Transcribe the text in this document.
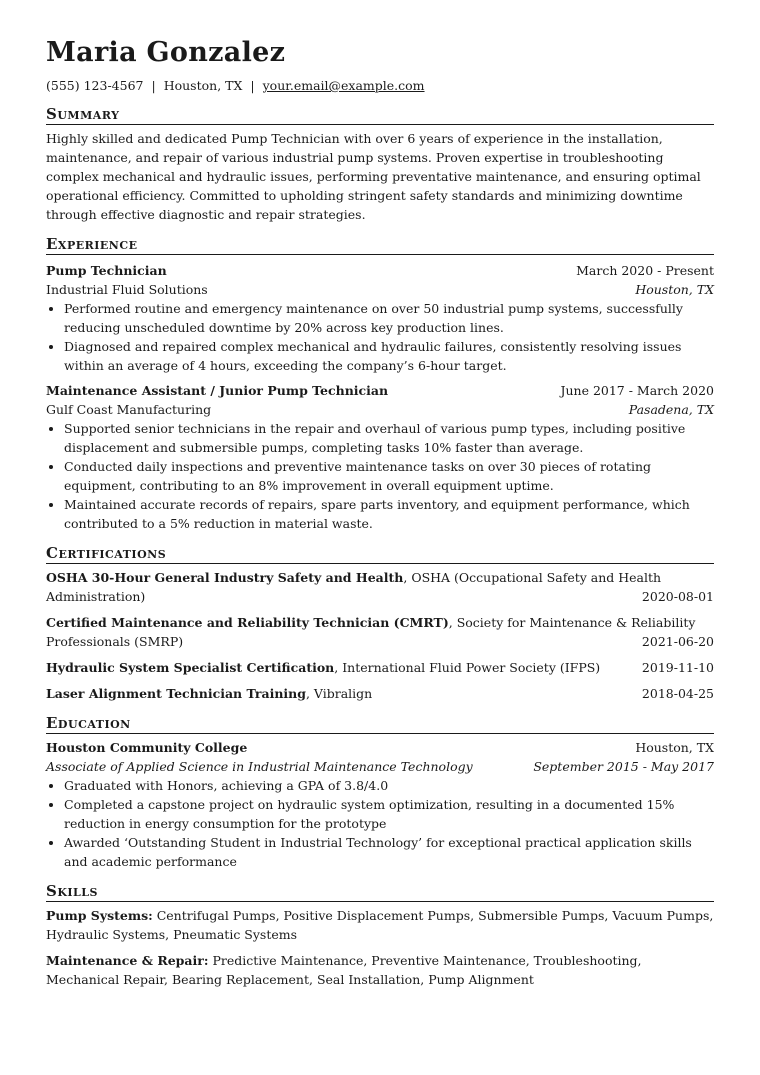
Maria Gonzalez
(555) 123-4567 | Houston, TX | your.email@example.com
Summary

Highly skilled and dedicated Pump Technician with over 6 years of experience in the installation, maintenance, and repair of various industrial pump systems. Proven expertise in troubleshooting complex mechanical and hydraulic issues, performing preventative maintenance, and ensuring optimal operational efficiency. Committed to upholding stringent safety standards and minimizing downtime through effective diagnostic and repair strategies.

Experience
Pump Technician	March 2020 - Present
Industrial Fluid Solutions	Houston, TX
• Performed routine and emergency maintenance on over 50 industrial pump systems, successfully reducing unscheduled downtime by 20% across key production lines.
• Diagnosed and repaired complex mechanical and hydraulic failures, consistently resolving issues within an average of 4 hours, exceeding the company’s 6-hour target.
Maintenance Assistant / Junior Pump Technician	June 2017 - March 2020
Gulf Coast Manufacturing	Pasadena, TX
• Supported senior technicians in the repair and overhaul of various pump types, including positive displacement and submersible pumps, completing tasks 10% faster than average.
• Conducted daily inspections and preventive maintenance tasks on over 30 pieces of rotating equipment, contributing to an 8% improvement in overall equipment uptime.
• Maintained accurate records of repairs, spare parts inventory, and equipment performance, which contributed to a 5% reduction in material waste.
Certifications
OSHA 30-Hour General Industry Safety and Health, OSHA (Occupational Safety and Health Administration)	2020-08-01
Certified Maintenance and Reliability Technician (CMRT), Society for Maintenance & Reliability Professionals (SMRP)	2021-06-20
Hydraulic System Specialist Certification, International Fluid Power Society (IFPS)	2019-11-10
Laser Alignment Technician Training, Vibralign	2018-04-25
Education
Houston Community College	Houston, TX
Associate of Applied Science in Industrial Maintenance Technology	September 2015 - May 2017
• Graduated with Honors, achieving a GPA of 3.8/4.0
• Completed a capstone project on hydraulic system optimization, resulting in a documented 15% reduction in energy consumption for the prototype
• Awarded ‘Outstanding Student in Industrial Technology’ for exceptional practical application skills and academic performance
Skills
Pump Systems: Centrifugal Pumps, Positive Displacement Pumps, Submersible Pumps, Vacuum Pumps, Hydraulic Systems, Pneumatic Systems
Maintenance & Repair: Predictive Maintenance, Preventive Maintenance, Troubleshooting, Mechanical Repair, Bearing Replacement, Seal Installation, Pump Alignment
